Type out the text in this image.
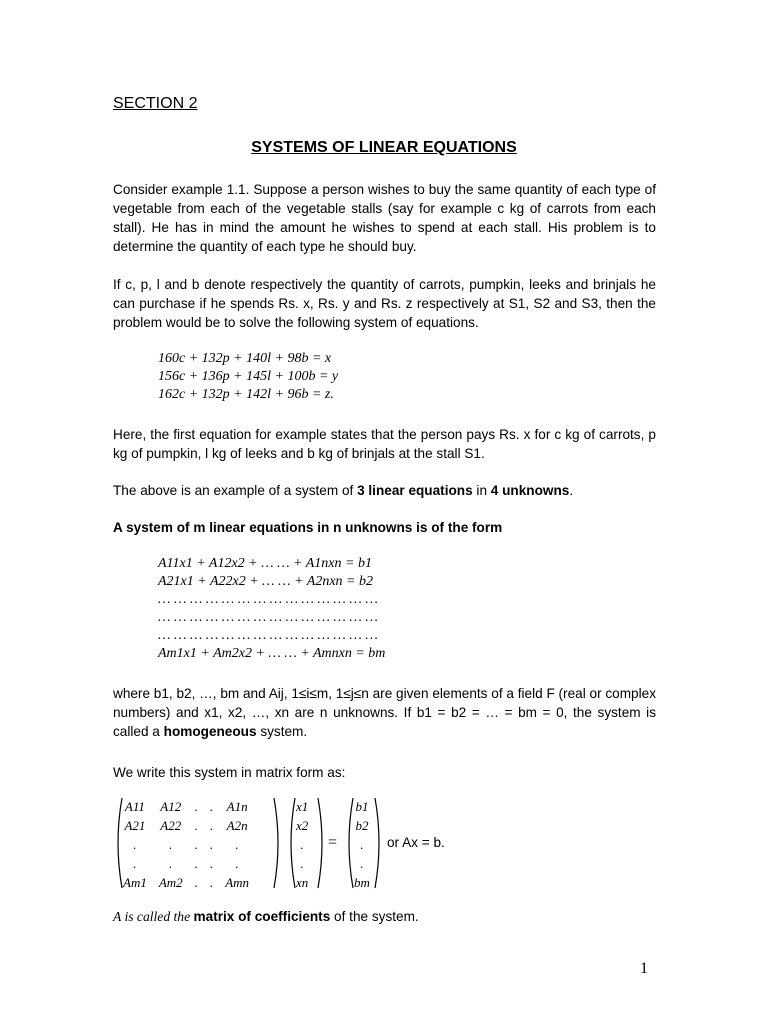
SECTION 2
SYSTEMS OF LINEAR EQUATIONS

Consider example 1.1. Suppose a person wishes to buy the same quantity of each type of vegetable from each of the vegetable stalls (say for example c kg of carrots from each stall). He has in mind the amount he wishes to spend at each stall. His problem is to determine the quantity of each type he should buy.

If c, p, l and b denote respectively the quantity of carrots, pumpkin, leeks and brinjals he can purchase if he spends Rs. x, Rs. y and Rs. z respectively at S1, S2 and S3, then the problem would be to solve the following system of equations.

160c + 132p + 140l + 98b = x
156c + 136p + 145l + 100b = y
162c + 132p + 142l + 96b = z.

Here, the first equation for example states that the person pays Rs. x for c kg of carrots, p kg of pumpkin, l kg of leeks and b kg of brinjals at the stall S1.

The above is an example of a system of 3 linear equations in 4 unknowns.

A system of m linear equations in n unknowns is of the form

A11x1 + A12x2 + … … + A1nxn = b1
A21x1 + A22x2 + … … + A2nxn = b2
… … … … … … … … … … … … … …
… … … … … … … … … … … … … …
… … … … … … … … … … … … … …
Am1x1 + Am2x2 + … … + Amnxn = bm

where b1, b2, …, bm and Aij, 1≤i≤m, 1≤j≤n are given elements of a field F (real or complex numbers) and x1, x2, …, xn are n unknowns. If b1 = b2 = … = bm = 0, the system is called a homogeneous system.

We write this system in matrix form as:

A11	A12	.	.	A1n
A21	A22	.	.	A2n
.	.	.	.	.
.	.	.	.	.
Am1	Am2	.	.	Amn
x1
x2
.
.
xn
=
b1
b2
.
.
bm
or Ax = b.

A is called the matrix of coefficients of the system.

1
